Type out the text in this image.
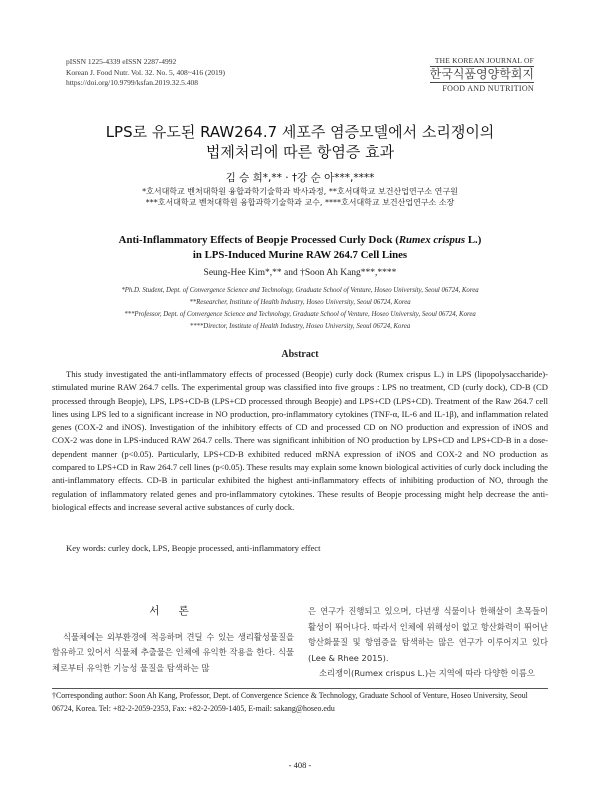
pISSN 1225-4339 eISSN 2287-4992
Korean J. Food Nutr. Vol. 32. No. 5, 408~416 (2019)
https://doi.org/10.9799/ksfan.2019.32.5.408
THE KOREAN JOURNAL OF
한국식품영양학회지
FOOD AND NUTRITION
LPS로 유도된 RAW264.7 세포주 염증모델에서 소리쟁이의
법제처리에 따른 항염증 효과
김 승 희*,** · †강 순 아***,****
*호서대학교 벤처대학원 융합과학기술학과 박사과정, **호서대학교 보건산업연구소 연구원
***호서대학교 벤처대학원 융합과학기술학과 교수, ****호서대학교 보건산업연구소 소장
Anti-Inflammatory Effects of Beopje Processed Curly Dock (Rumex crispus L.)
in LPS-Induced Murine RAW 264.7 Cell Lines
Seung-Hee Kim*,** and †Soon Ah Kang***,****
*Ph.D. Student, Dept. of Convergence Science and Technology, Graduate School of Venture, Hoseo University, Seoul 06724, Korea
**Researcher, Institute of Health Industry, Hoseo University, Seoul 06724, Korea
***Professor, Dept. of Convergence Science and Technology, Graduate School of Venture, Hoseo University, Seoul 06724, Korea
****Director, Institute of Health Industry, Hoseo University, Seoul 06724, Korea
Abstract

This study investigated the anti-inflammatory effects of processed (Beopje) curly dock (Rumex crispus L.) in LPS (lipopolysaccharide)-stimulated murine RAW 264.7 cells. The experimental group was classified into five groups : LPS no treatment, CD (curly dock), CD-B (CD processed through Beopje), LPS, LPS+CD-B (LPS+CD processed through Beopje) and LPS+CD (LPS+CD). Treatment of the Raw 264.7 cell lines using LPS led to a significant increase in NO production, pro-inflammatory cytokines (TNF-α, IL-6 and IL-1β), and inflammation related genes (COX-2 and iNOS). Investigation of the inhibitory effects of CD and processed CD on NO production and expression of iNOS and COX-2 was done in LPS-induced RAW 264.7 cells. There was significant inhibition of NO production by LPS+CD and LPS+CD-B in a dose-dependent manner (p<0.05). Particularly, LPS+CD-B exhibited reduced mRNA expression of iNOS and COX-2 and NO production as compared to LPS+CD in Raw 264.7 cell lines (p<0.05). These results may explain some known biological activities of curly dock including the anti-inflammatory effects. CD-B in particular exhibited the highest anti-inflammatory effects of inhibiting production of NO, through the regulation of inflammatory related genes and pro-inflammatory cytokines. These results of Beopje processing might help decrease the anti-biological effects and increase several active substances of curly dock.

Key words: curley dock, LPS, Beopje processed, anti-inflammatory effect
서 론

식물체에는 외부환경에 적응하며 견딜 수 있는 생리활성물질을 함유하고 있어서 식물체 추출물은 인체에 유익한 작용을 한다. 식물체로부터 유익한 기능성 물질을 탐색하는 많

은 연구가 진행되고 있으며, 다년생 식물이나 한해살이 초목들이 활성이 뛰어나다. 따라서 인체에 위해성이 없고 항산화력이 뛰어난 항산화물질 및 항염증을 탐색하는 많은 연구가 이루어지고 있다(Lee & Rhee 2015).

소리쟁이(Rumex crispus L.)는 지역에 따라 다양한 이름으

†Corresponding author: Soon Ah Kang, Professor, Dept. of Convergence Science & Technology, Graduate School of Venture, Hoseo University, Seoul 06724, Korea. Tel: +82-2-2059-2353, Fax: +82-2-2059-1405, E-mail: sakang@hoseo.edu
- 408 -
